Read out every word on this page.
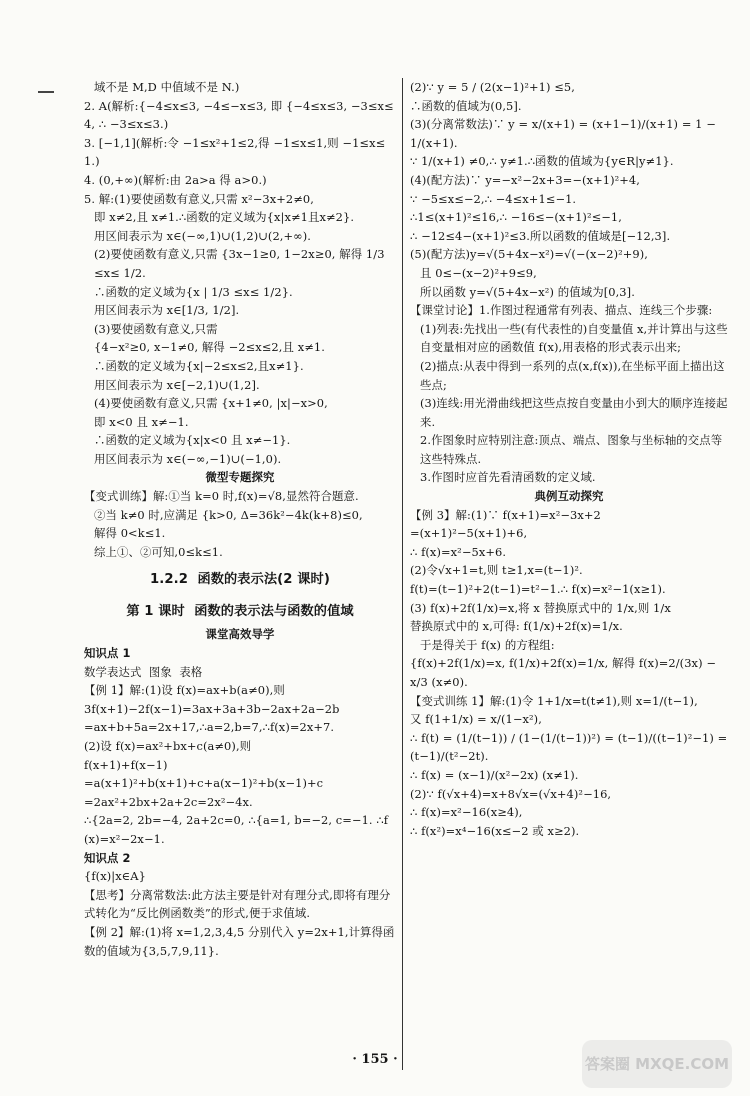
域不是 M,D 中值域不是 N.)
2. A(解析:{−4≤x≤3, −4≤−x≤3, 即 {−4≤x≤3, −3≤x≤4, ∴ −3≤x≤3.)
3. [−1,1](解析:令 −1≤x²+1≤2,得 −1≤x≤1,则 −1≤x≤1.)
4. (0,+∞)(解析:由 2a>a 得 a>0.)
5. 解:(1)要使函数有意义,只需 x²−3x+2≠0,
即 x≠2,且 x≠1.∴函数的定义域为{x|x≠1且x≠2}.
用区间表示为 x∈(−∞,1)∪(1,2)∪(2,+∞).
(2)要使函数有意义,只需 {3x−1≥0, 1−2x≥0, 解得 1/3 ≤x≤ 1/2.
∴函数的定义域为{x | 1/3 ≤x≤ 1/2}.
用区间表示为 x∈[1/3, 1/2].
(3)要使函数有意义,只需
{4−x²≥0, x−1≠0, 解得 −2≤x≤2,且 x≠1.
∴函数的定义域为{x|−2≤x≤2,且x≠1}.
用区间表示为 x∈[−2,1)∪(1,2].
(4)要使函数有意义,只需 {x+1≠0, |x|−x>0,
即 x<0 且 x≠−1.
∴函数的定义域为{x|x<0 且 x≠−1}.
用区间表示为 x∈(−∞,−1)∪(−1,0).
微型专题探究
【变式训练】解:①当 k=0 时,f(x)=√8,显然符合题意.
②当 k≠0 时,应满足 {k>0, Δ=36k²−4k(k+8)≤0,
解得 0<k≤1.
综上①、②可知,0≤k≤1.
1.2.2  函数的表示法(2 课时)
第 1 课时  函数的表示法与函数的值域
课堂高效导学
知识点 1
数学表达式  图象  表格
【例 1】解:(1)设 f(x)=ax+b(a≠0),则
3f(x+1)−2f(x−1)=3ax+3a+3b−2ax+2a−2b
=ax+b+5a=2x+17,∴a=2,b=7,∴f(x)=2x+7.
(2)设 f(x)=ax²+bx+c(a≠0),则
f(x+1)+f(x−1)
=a(x+1)²+b(x+1)+c+a(x−1)²+b(x−1)+c
=2ax²+2bx+2a+2c=2x²−4x.
∴{2a=2, 2b=−4, 2a+2c=0, ∴{a=1, b=−2, c=−1. ∴f(x)=x²−2x−1.
知识点 2
{f(x)|x∈A}
【思考】分离常数法:此方法主要是针对有理分式,即将有理分式转化为“反比例函数类”的形式,便于求值域.
【例 2】解:(1)将 x=1,2,3,4,5 分别代入 y=2x+1,计算得函数的值域为{3,5,7,9,11}.
(2)∵ y = 5 / (2(x−1)²+1) ≤5,
∴函数的值域为(0,5].
(3)(分离常数法)∵ y = x/(x+1) = (x+1−1)/(x+1) = 1 − 1/(x+1).
∵ 1/(x+1) ≠0,∴ y≠1.∴函数的值域为{y∈R|y≠1}.
(4)(配方法)∵ y=−x²−2x+3=−(x+1)²+4,
∵ −5≤x≤−2,∴ −4≤x+1≤−1.
∴1≤(x+1)²≤16,∴ −16≤−(x+1)²≤−1,
∴ −12≤4−(x+1)²≤3.所以函数的值域是[−12,3].
(5)(配方法)y=√(5+4x−x²)=√(−(x−2)²+9),
且 0≤−(x−2)²+9≤9,
所以函数 y=√(5+4x−x²) 的值域为[0,3].
【课堂讨论】1.作图过程通常有列表、描点、连线三个步骤:
(1)列表:先找出一些(有代表性的)自变量值 x,并计算出与这些自变量相对应的函数值 f(x),用表格的形式表示出来;
(2)描点:从表中得到一系列的点(x,f(x)),在坐标平面上描出这些点;
(3)连线:用光滑曲线把这些点按自变量由小到大的顺序连接起来.
2.作图象时应特别注意:顶点、端点、图象与坐标轴的交点等这些特殊点.
3.作图时应首先看清函数的定义域.
典例互动探究
【例 3】解:(1)∵ f(x+1)=x²−3x+2
=(x+1)²−5(x+1)+6,
∴ f(x)=x²−5x+6.
(2)令√x+1=t,则 t≥1,x=(t−1)².
f(t)=(t−1)²+2(t−1)=t²−1.∴ f(x)=x²−1(x≥1).
(3) f(x)+2f(1/x)=x,将 x 替换原式中的 1/x,则 1/x
替换原式中的 x,可得: f(1/x)+2f(x)=1/x.
于是得关于 f(x) 的方程组:
{f(x)+2f(1/x)=x, f(1/x)+2f(x)=1/x, 解得 f(x)=2/(3x) − x/3 (x≠0).
【变式训练 1】解:(1)令 1+1/x=t(t≠1),则 x=1/(t−1),
又 f(1+1/x) = x/(1−x²),
∴ f(t) = (1/(t−1)) / (1−(1/(t−1))²) = (t−1)/((t−1)²−1) = (t−1)/(t²−2t).
∴ f(x) = (x−1)/(x²−2x) (x≠1).
(2)∵ f(√x+4)=x+8√x=(√x+4)²−16,
∴ f(x)=x²−16(x≥4),
∴ f(x²)=x⁴−16(x≤−2 或 x≥2).
· 155 ·	答案圈 MXQE.COM
